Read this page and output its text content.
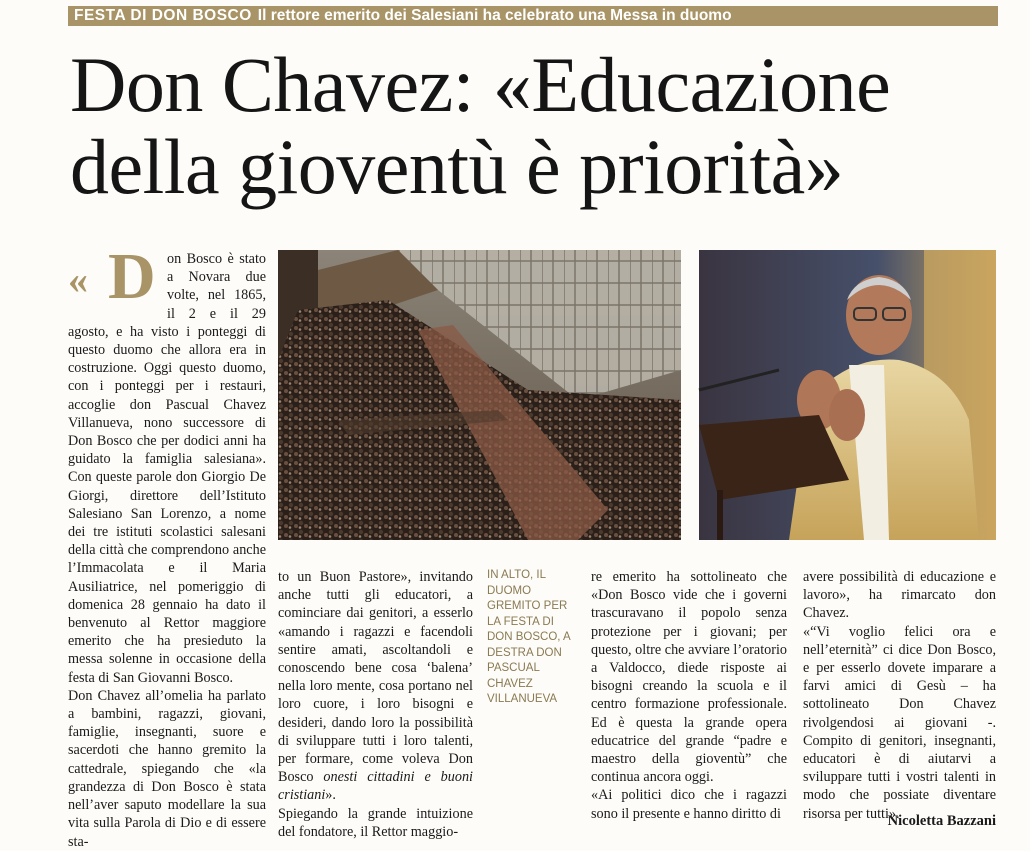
FESTA DI DON BOSCO Il rettore emerito dei Salesiani ha celebrato una Messa in duomo
Don Chavez: «Educazione
della gioventù è priorità»
« D on Bosco è stato a Novara due volte, nel 1865, il 2 e il 29 agosto, e ha visto i ponteggi di questo duomo che allora era in costruzione. Oggi questo duomo, con i ponteggi per i restauri, accoglie don Pascual Chavez Villanueva, nono successore di Don Bosco che per dodici anni ha guidato la famiglia salesiana». Con queste parole don Giorgio De Giorgi, direttore dell’Istituto Salesiano San Lorenzo, a nome dei tre istituti scolastici salesani della città che comprendono anche l’Immacolata e il Maria Ausiliatrice, nel pomeriggio di domenica 28 gennaio ha dato il benvenuto al Rettor maggiore emerito che ha presieduto la messa solenne in occasione della festa di San Giovanni Bosco.

Don Chavez all’omelia ha parlato a bambini, ragazzi, giovani, famiglie, insegnanti, suore e sacerdoti che hanno gremito la cattedrale, spiegando che «la grandezza di Don Bosco è stata nell’aver saputo modellare la sua vita sulla Parola di Dio e di essere sta-

to un Buon Pastore», invitando anche tutti gli educatori, a cominciare dai genitori, a esserlo «amando i ragazzi e facendoli sentire amati, ascoltandoli e conoscendo bene cosa ‘balena’ nella loro mente, cosa portano nel loro cuore, i loro bisogni e desideri, dando loro la possibilità di sviluppare tutti i loro talenti, per formare, come voleva Don Bosco onesti cittadini e buoni cristiani».

Spiegando la grande intuizione del fondatore, il Rettor maggio-

IN ALTO, IL DUOMO GREMITO PER LA FESTA DI DON BOSCO, A DESTRA DON PASCUAL CHAVEZ VILLANUEVA

re emerito ha sottolineato che «Don Bosco vide che i governi trascuravano il popolo senza protezione per i giovani; per questo, oltre che avviare l’oratorio a Valdocco, diede risposte ai bisogni creando la scuola e il centro formazione professionale. Ed è questa la grande opera educatrice del grande “padre e maestro della gioventù” che continua ancora oggi.

«Ai politici dico che i ragazzi sono il presente e hanno diritto di

avere possibilità di educazione e lavoro», ha rimarcato don Chavez.

«“Vi voglio felici ora e nell’eternità” ci dice Don Bosco, e per esserlo dovete imparare a farvi amici di Gesù – ha sottolineato Don Chavez rivolgendosi ai giovani -. Compito di genitori, insegnanti, educatori è di aiutarvi a sviluppare tutti i vostri talenti in modo che possiate diventare risorsa per tutti».

Nicoletta Bazzani
